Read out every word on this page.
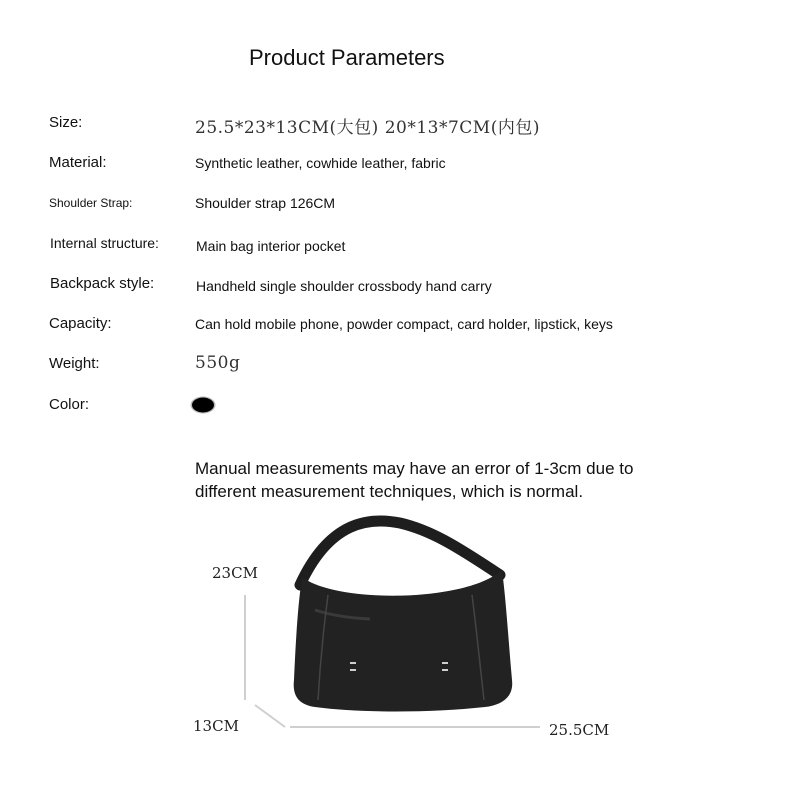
Product Parameters
Size:	25.5*23*13CM(大包) 20*13*7CM(内包)
Material:	Synthetic leather, cowhide leather, fabric
Shoulder Strap:	Shoulder strap 126CM
Internal structure:	Main bag interior pocket
Backpack style:	Handheld single shoulder crossbody hand carry
Capacity:	Can hold mobile phone, powder compact, card holder, lipstick, keys
Weight:	550g
Color:
Manual measurements may have an error of 1-3cm due to different measurement techniques, which is normal.
23CM
13CM	25.5CM
